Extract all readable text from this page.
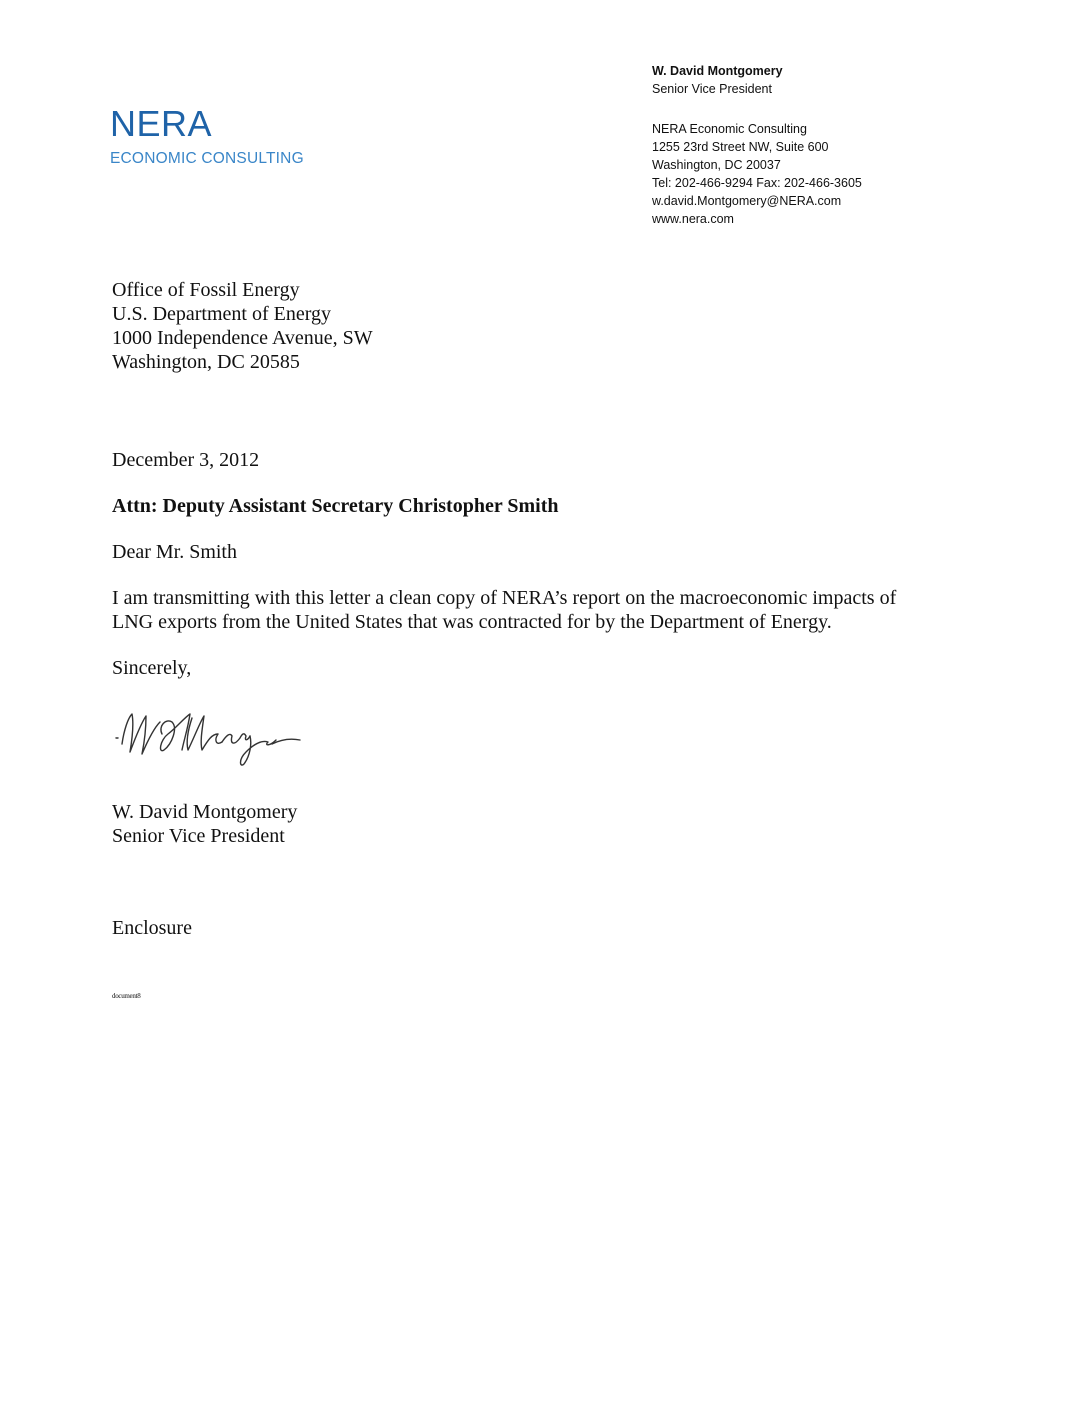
NERA
ECONOMIC CONSULTING
W. David Montgomery
Senior Vice President
NERA Economic Consulting
1255 23rd Street NW, Suite 600
Washington, DC 20037
Tel: 202-466-9294 Fax: 202-466-3605
w.david.Montgomery@NERA.com
www.nera.com
Office of Fossil Energy
U.S. Department of Energy
1000 Independence Avenue, SW
Washington, DC 20585
December 3, 2012
Attn: Deputy Assistant Secretary Christopher Smith
Dear Mr. Smith
I am transmitting with this letter a clean copy of NERA’s report on the macroeconomic impacts of
LNG exports from the United States that was contracted for by the Department of Energy.
Sincerely,
W. David Montgomery
Senior Vice President
Enclosure
document8
